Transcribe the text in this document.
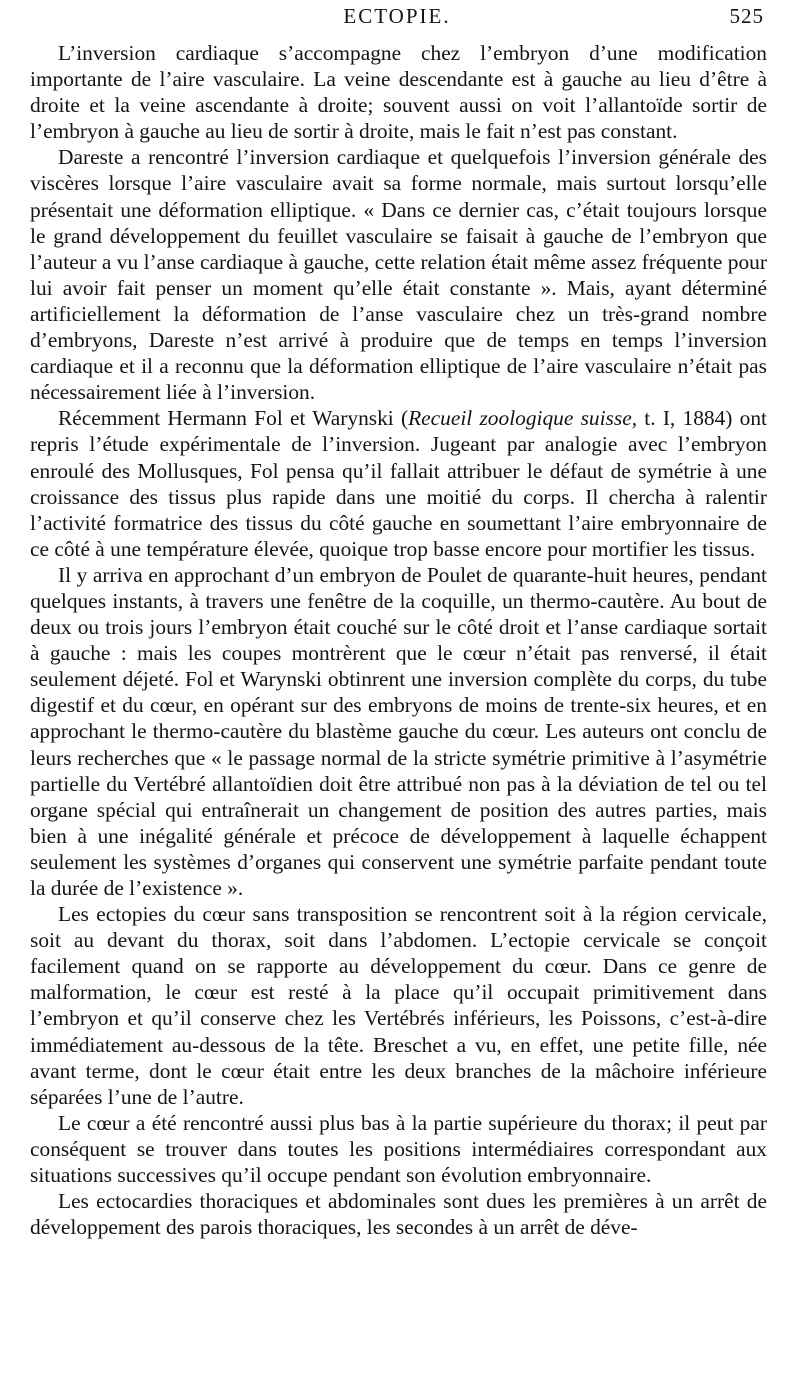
ECTOPIE.	525

L’inversion cardiaque s’accompagne chez l’embryon d’une modification importante de l’aire vasculaire. La veine descendante est à gauche au lieu d’être à droite et la veine ascendante à droite; souvent aussi on voit l’allantoïde sortir de l’embryon à gauche au lieu de sortir à droite, mais le fait n’est pas constant.

Dareste a rencontré l’inversion cardiaque et quelquefois l’inversion générale des viscères lorsque l’aire vasculaire avait sa forme normale, mais surtout lorsqu’elle présentait une déformation elliptique. « Dans ce dernier cas, c’était toujours lorsque le grand développement du feuillet vasculaire se faisait à gauche de l’embryon que l’auteur a vu l’anse cardiaque à gauche, cette relation était même assez fréquente pour lui avoir fait penser un moment qu’elle était constante ». Mais, ayant déterminé artificiellement la déformation de l’anse vasculaire chez un très-grand nombre d’embryons, Dareste n’est arrivé à produire que de temps en temps l’inversion cardiaque et il a reconnu que la déformation elliptique de l’aire vasculaire n’était pas nécessairement liée à l’inversion.

Récemment Hermann Fol et Warynski (Recueil zoologique suisse, t. I, 1884) ont repris l’étude expérimentale de l’inversion. Jugeant par analogie avec l’embryon enroulé des Mollusques, Fol pensa qu’il fallait attribuer le défaut de symétrie à une croissance des tissus plus rapide dans une moitié du corps. Il chercha à ralentir l’activité formatrice des tissus du côté gauche en soumettant l’aire embryonnaire de ce côté à une température élevée, quoique trop basse encore pour mortifier les tissus.

Il y arriva en approchant d’un embryon de Poulet de quarante-huit heures, pendant quelques instants, à travers une fenêtre de la coquille, un thermo-cautère. Au bout de deux ou trois jours l’embryon était couché sur le côté droit et l’anse cardiaque sortait à gauche : mais les coupes montrèrent que le cœur n’était pas renversé, il était seulement déjeté. Fol et Warynski obtinrent une inversion complète du corps, du tube digestif et du cœur, en opérant sur des embryons de moins de trente-six heures, et en approchant le thermo-cautère du blastème gauche du cœur. Les auteurs ont conclu de leurs recherches que « le passage normal de la stricte symétrie primitive à l’asymétrie partielle du Vertébré allantoïdien doit être attribué non pas à la déviation de tel ou tel organe spécial qui entraînerait un changement de position des autres parties, mais bien à une inégalité générale et précoce de développement à laquelle échappent seulement les systèmes d’organes qui conservent une symétrie parfaite pendant toute la durée de l’existence ».

Les ectopies du cœur sans transposition se rencontrent soit à la région cervicale, soit au devant du thorax, soit dans l’abdomen. L’ectopie cervicale se conçoit facilement quand on se rapporte au développement du cœur. Dans ce genre de malformation, le cœur est resté à la place qu’il occupait primitivement dans l’embryon et qu’il conserve chez les Vertébrés inférieurs, les Poissons, c’est-à-dire immédiatement au-dessous de la tête. Breschet a vu, en effet, une petite fille, née avant terme, dont le cœur était entre les deux branches de la mâchoire inférieure séparées l’une de l’autre.

Le cœur a été rencontré aussi plus bas à la partie supérieure du thorax; il peut par conséquent se trouver dans toutes les positions intermédiaires correspondant aux situations successives qu’il occupe pendant son évolution embryonnaire.

Les ectocardies thoraciques et abdominales sont dues les premières à un arrêt de développement des parois thoraciques, les secondes à un arrêt de déve-
